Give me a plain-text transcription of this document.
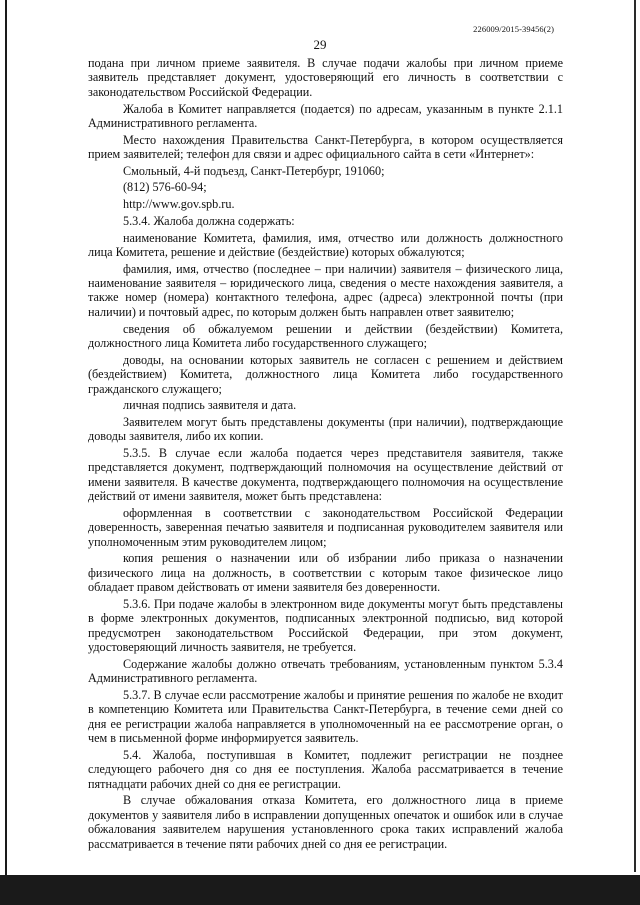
226009/2015-39456(2)
29

подана при личном приеме заявителя. В случае подачи жалобы при личном приеме заявитель представляет документ, удостоверяющий его личность в соответствии с законодательством Российской Федерации.

Жалоба в Комитет направляется (подается) по адресам, указанным в пункте 2.1.1 Административного регламента.

Место нахождения Правительства Санкт-Петербурга, в котором осуществляется прием заявителей; телефон для связи и адрес официального сайта в сети «Интернет»:

Смольный, 4-й подъезд, Санкт-Петербург, 191060;

(812) 576-60-94;

http://www.gov.spb.ru.

5.3.4. Жалоба должна содержать:

наименование Комитета, фамилия, имя, отчество или должность должностного лица Комитета, решение и действие (бездействие) которых обжалуются;

фамилия, имя, отчество (последнее – при наличии) заявителя – физического лица, наименование заявителя – юридического лица, сведения о месте нахождения заявителя, а также номер (номера) контактного телефона, адрес (адреса) электронной почты (при наличии) и почтовый адрес, по которым должен быть направлен ответ заявителю;

сведения об обжалуемом решении и действии (бездействии) Комитета, должностного лица Комитета либо государственного служащего;

доводы, на основании которых заявитель не согласен с решением и действием (бездействием) Комитета, должностного лица Комитета либо государственного гражданского служащего;

личная подпись заявителя и дата.

Заявителем могут быть представлены документы (при наличии), подтверждающие доводы заявителя, либо их копии.

5.3.5. В случае если жалоба подается через представителя заявителя, также представляется документ, подтверждающий полномочия на осуществление действий от имени заявителя. В качестве документа, подтверждающего полномочия на осуществление действий от имени заявителя, может быть представлена:

оформленная в соответствии с законодательством Российской Федерации доверенность, заверенная печатью заявителя и подписанная руководителем заявителя или уполномоченным этим руководителем лицом;

копия решения о назначении или об избрании либо приказа о назначении физического лица на должность, в соответствии с которым такое физическое лицо обладает правом действовать от имени заявителя без доверенности.

5.3.6. При подаче жалобы в электронном виде документы могут быть представлены в форме электронных документов, подписанных электронной подписью, вид которой предусмотрен законодательством Российской Федерации, при этом документ, удостоверяющий личность заявителя, не требуется.

Содержание жалобы должно отвечать требованиям, установленным пунктом 5.3.4 Административного регламента.

5.3.7. В случае если рассмотрение жалобы и принятие решения по жалобе не входит в компетенцию Комитета или Правительства Санкт-Петербурга, в течение семи дней со дня ее регистрации жалоба направляется в уполномоченный на ее рассмотрение орган, о чем в письменной форме информируется заявитель.

5.4. Жалоба, поступившая в Комитет, подлежит регистрации не позднее следующего рабочего дня со дня ее поступления. Жалоба рассматривается в течение пятнадцати рабочих дней со дня ее регистрации.

В случае обжалования отказа Комитета, его должностного лица в приеме документов у заявителя либо в исправлении допущенных опечаток и ошибок или в случае обжалования заявителем нарушения установленного срока таких исправлений жалоба рассматривается в течение пяти рабочих дней со дня ее регистрации.
